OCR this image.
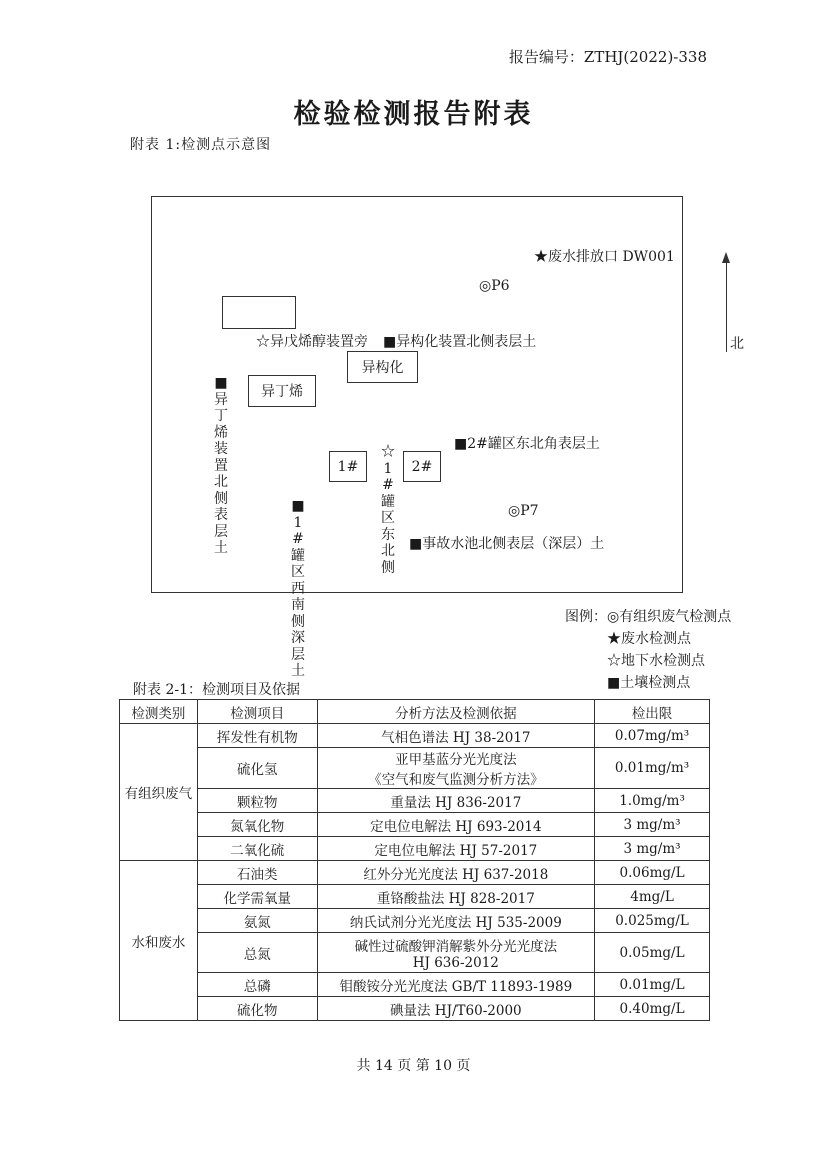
报告编号：ZTHJ(2022)-338
检验检测报告附表
附表 1:检测点示意图
★废水排放口 DW001
◎P6
☆异戊烯醇装置旁 ■异构化装置北侧表层土
异构化
异丁烯
■异丁烯装置北侧表层土
■2#罐区东北角表层土
1#
☆1#罐区东北侧
2#
◎P7
■1#罐区西南侧深层土
■事故水池北侧表层（深层）土
北
图例： ◎有组织废气检测点
★废水检测点
☆地下水检测点
■土壤检测点
附表 2-1：检测项目及依据
检测类别	检测项目	分析方法及检测依据	检出限
有组织废气	挥发性有机物	气相色谱法 HJ 38-2017	0.07mg/m³
	硫化氢	亚甲基蓝分光光度法
《空气和废气监测分析方法》	0.01mg/m³
	颗粒物	重量法 HJ 836-2017	1.0mg/m³
	氮氧化物	定电位电解法 HJ 693-2014	3 mg/m³
	二氧化硫	定电位电解法 HJ 57-2017	3 mg/m³
水和废水	石油类	红外分光光度法 HJ 637-2018	0.06mg/L
	化学需氧量	重铬酸盐法 HJ 828-2017	4mg/L
	氨氮	纳氏试剂分光光度法 HJ 535-2009	0.025mg/L
	总氮	碱性过硫酸钾消解紫外分光光度法
HJ 636-2012	0.05mg/L
	总磷	钼酸铵分光光度法 GB/T 11893-1989	0.01mg/L
	硫化物	碘量法 HJ/T60-2000	0.40mg/L
共 14 页 第 10 页
